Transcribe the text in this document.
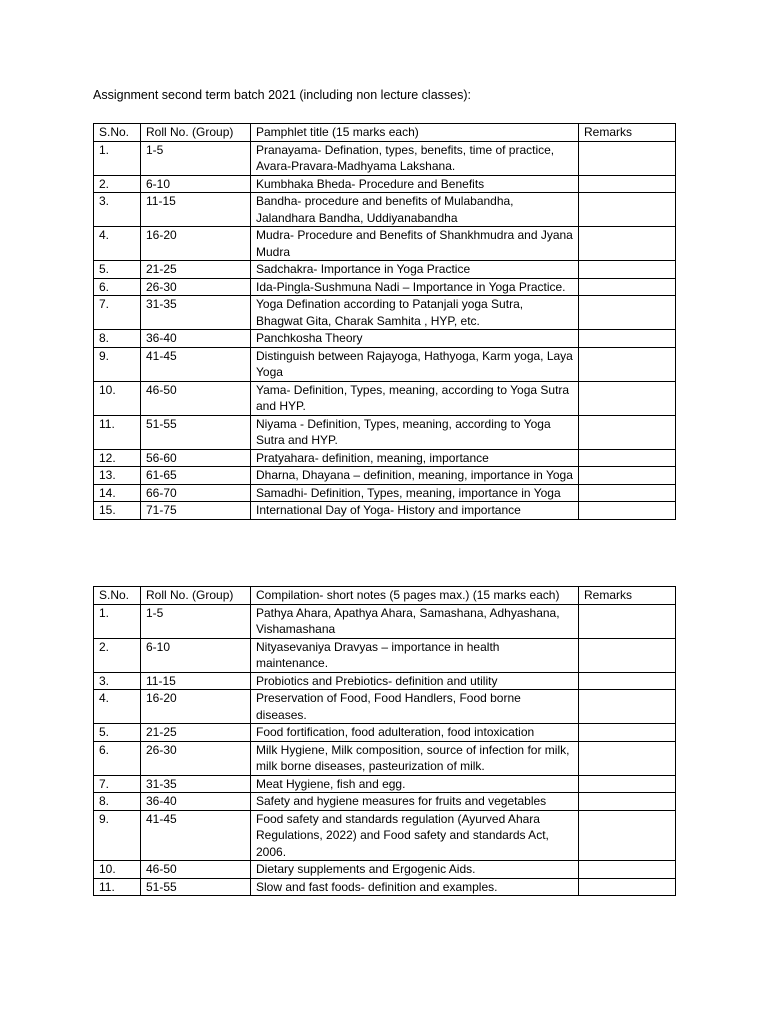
Assignment second term batch 2021 (including non lecture classes):
S.No.	Roll No. (Group)	Pamphlet title (15 marks each)	Remarks
1.	1-5	Pranayama- Defination, types, benefits, time of practice, Avara-Pravara-Madhyama Lakshana.	
2.	6-10	Kumbhaka Bheda- Procedure and Benefits	
3.	11-15	Bandha- procedure and benefits of Mulabandha, Jalandhara Bandha, Uddiyanabandha	
4.	16-20	Mudra- Procedure and Benefits of Shankhmudra and Jyana Mudra	
5.	21-25	Sadchakra- Importance in Yoga Practice	
6.	26-30	Ida-Pingla-Sushmuna Nadi – Importance in Yoga Practice.	
7.	31-35	Yoga Defination according to Patanjali yoga Sutra, Bhagwat Gita, Charak Samhita , HYP, etc.	
8.	36-40	Panchkosha Theory	
9.	41-45	Distinguish between Rajayoga, Hathyoga, Karm yoga, Laya Yoga	
10.	46-50	Yama- Definition, Types, meaning, according to Yoga Sutra and HYP.	
11.	51-55	Niyama - Definition, Types, meaning, according to Yoga Sutra and HYP.	
12.	56-60	Pratyahara- definition, meaning, importance	
13.	61-65	Dharna, Dhayana – definition, meaning, importance in Yoga	
14.	66-70	Samadhi- Definition, Types, meaning, importance in Yoga	
15.	71-75	International Day of Yoga- History and importance	
S.No.	Roll No. (Group)	Compilation- short notes (5 pages max.) (15 marks each)	Remarks
1.	1-5	Pathya Ahara, Apathya Ahara, Samashana, Adhyashana, Vishamashana	
2.	6-10	Nityasevaniya Dravyas – importance in health maintenance.	
3.	11-15	Probiotics and Prebiotics- definition and utility	
4.	16-20	Preservation of Food, Food Handlers, Food borne diseases.	
5.	21-25	Food fortification, food adulteration, food intoxication	
6.	26-30	Milk Hygiene, Milk composition, source of infection for milk, milk borne diseases, pasteurization of milk.	
7.	31-35	Meat Hygiene, fish and egg.	
8.	36-40	Safety and hygiene measures for fruits and vegetables	
9.	41-45	Food safety and standards regulation (Ayurved Ahara Regulations, 2022) and Food safety and standards Act, 2006.	
10.	46-50	Dietary supplements and Ergogenic Aids.	
11.	51-55	Slow and fast foods- definition and examples.	
